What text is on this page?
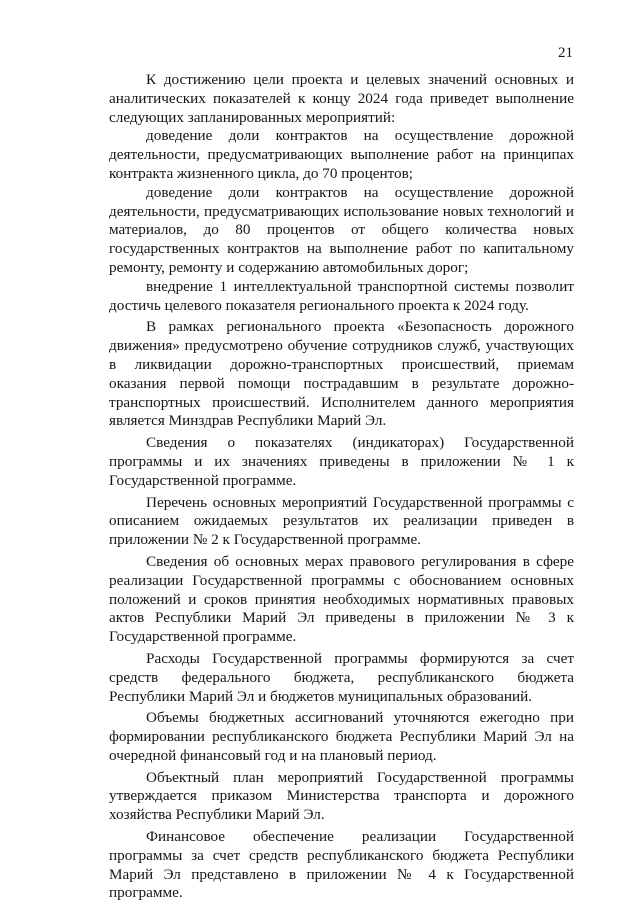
21

К достижению цели проекта и целевых значений основных и аналитических показателей к концу 2024 года приведет выполнение следующих запланированных мероприятий:

доведение доли контрактов на осуществление дорожной деятельности, предусматривающих выполнение работ на принципах контракта жизненного цикла, до 70 процентов;

доведение доли контрактов на осуществление дорожной деятельности, предусматривающих использование новых технологий и материалов, до 80 процентов от общего количества новых государственных контрактов на выполнение работ по капитальному ремонту, ремонту и содержанию автомобильных дорог;

внедрение 1 интеллектуальной транспортной системы позволит достичь целевого показателя регионального проекта к 2024 году.

В рамках регионального проекта «Безопасность дорожного движения» предусмотрено обучение сотрудников служб, участвующих в ликвидации дорожно-транспортных происшествий, приемам оказания первой помощи пострадавшим в результате дорожно-транспортных происшествий. Исполнителем данного мероприятия является Минздрав Республики Марий Эл.

Сведения о показателях (индикаторах) Государственной программы и их значениях приведены в приложении № 1 к Государственной программе.

Перечень основных мероприятий Государственной программы с описанием ожидаемых результатов их реализации приведен в приложении № 2 к Государственной программе.

Сведения об основных мерах правового регулирования в сфере реализации Государственной программы с обоснованием основных положений и сроков принятия необходимых нормативных правовых актов Республики Марий Эл приведены в приложении № 3 к Государственной программе.

Расходы Государственной программы формируются за счет средств федерального бюджета, республиканского бюджета Республики Марий Эл и бюджетов муниципальных образований.

Объемы бюджетных ассигнований уточняются ежегодно при формировании республиканского бюджета Республики Марий Эл на очередной финансовый год и на плановый период.

Объектный план мероприятий Государственной программы утверждается приказом Министерства транспорта и дорожного хозяйства Республики Марий Эл.

Финансовое обеспечение реализации Государственной программы за счет средств республиканского бюджета Республики Марий Эл представлено в приложении № 4 к Государственной программе.
